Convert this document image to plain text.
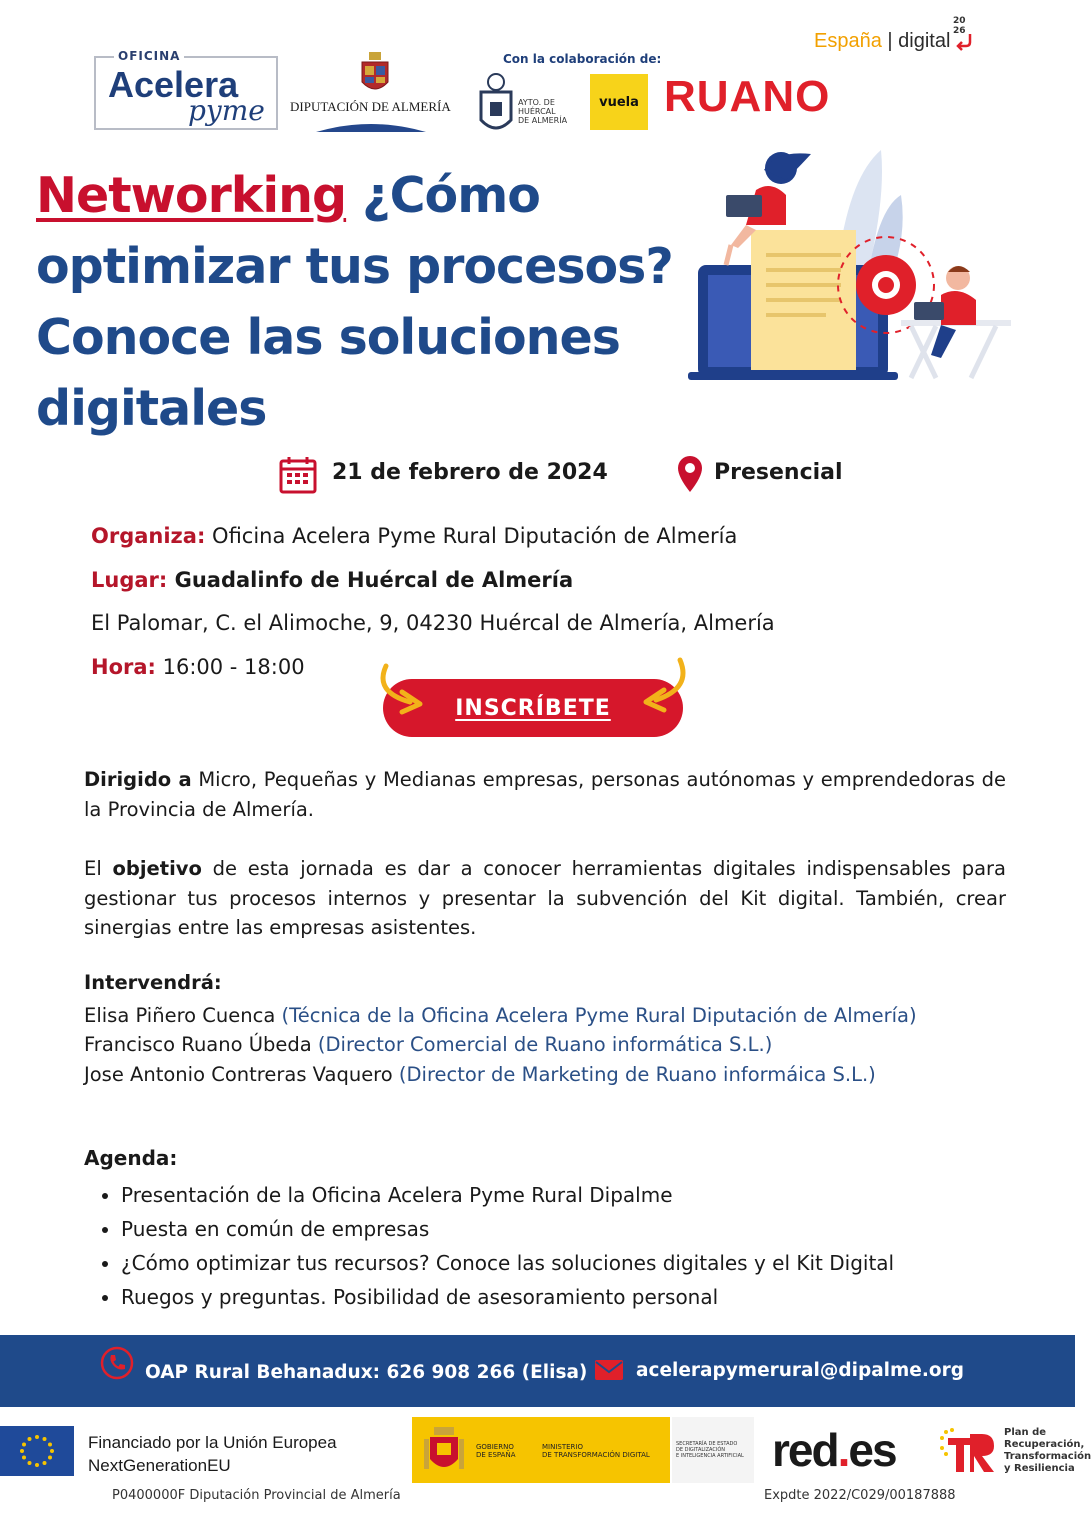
OFICINA
Acelera
pyme DIPUTACIÓN DE ALMERÍA
Con la colaboración de:
AYTO. DE
HUÉRCAL
DE ALMERÍA
vuela RUANO
España | digital
20
26
Networking ¿Cómo
optimizar tus procesos?
Conoce las soluciones
digitales
21 de febrero de 2024	Presencial
Organiza: Oficina Acelera Pyme Rural Diputación de Almería
Lugar: Guadalinfo de Huércal de Almería
El Palomar, C. el Alimoche, 9, 04230 Huércal de Almería, Almería
Hora: 16:00 - 18:00
INSCRÍBETE
Dirigido a Micro, Pequeñas y Medianas empresas, personas autónomas y emprendedoras de la Provincia de Almería.
El objetivo de esta jornada es dar a conocer herramientas digitales indispensables para gestionar tus procesos internos y presentar la subvención del Kit digital. También, crear sinergias entre las empresas asistentes.
Intervendrá:
Elisa Piñero Cuenca (Técnica de la Oficina Acelera Pyme Rural Diputación de Almería)
Francisco Ruano Úbeda (Director Comercial de Ruano informática S.L.)
Jose Antonio Contreras Vaquero (Director de Marketing de Ruano informáica S.L.)
Agenda:
• Presentación de la Oficina Acelera Pyme Rural Dipalme
• Puesta en común de empresas
• ¿Cómo optimizar tus recursos? Conoce las soluciones digitales y el Kit Digital
• Ruegos y preguntas. Posibilidad de asesoramiento personal
OAP Rural Behanadux: 626 908 266 (Elisa)	acelerapymerural@dipalme.org
Financiado por la Unión Europea
NextGenerationEU
GOBIERNO
DE ESPAÑA
MINISTERIO
DE TRANSFORMACIÓN DIGITAL
SECRETARÍA DE ESTADO
DE DIGITALIZACIÓN
E INTELIGENCIA ARTIFICIAL red.es	Plan de
Recuperación,
Transformación
y Resiliencia
P0400000F Diputación Provincial de Almería	Expdte 2022/C029/00187888
